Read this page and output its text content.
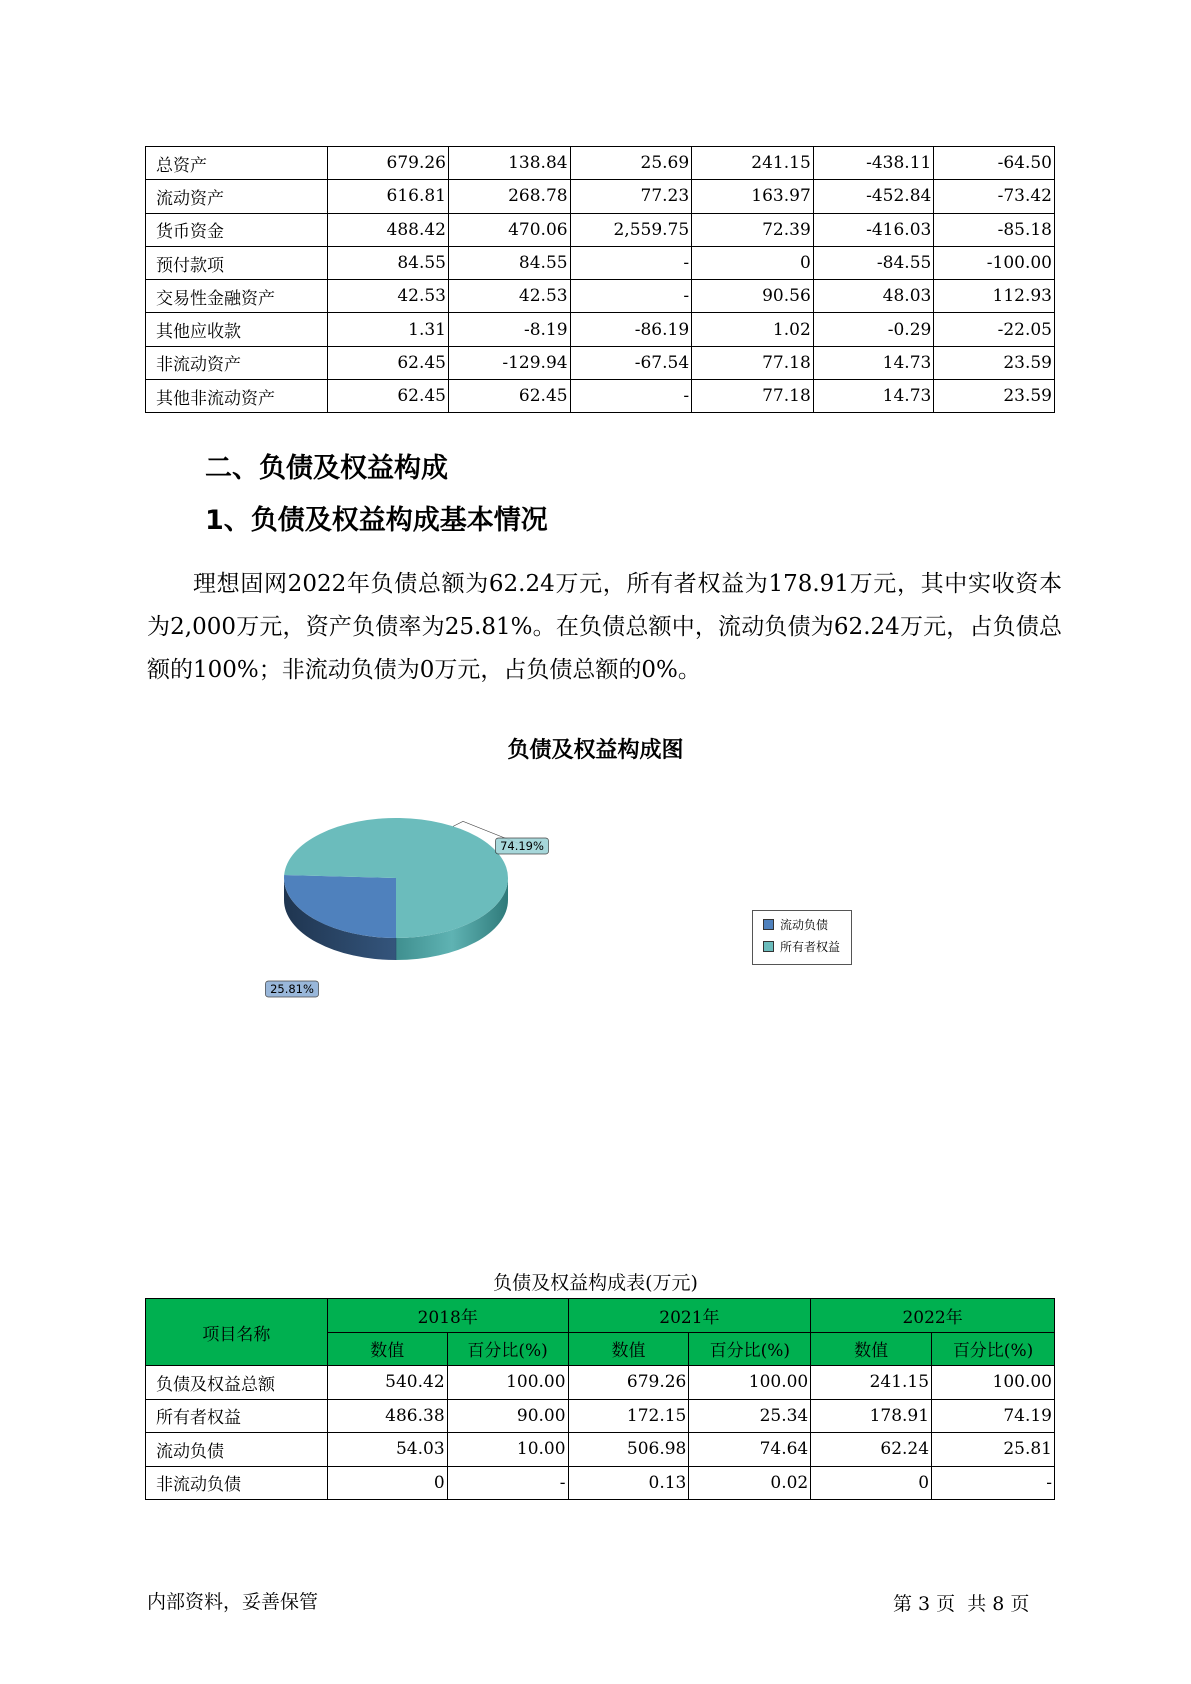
总资产	679.26	138.84	25.69	241.15	-438.11	-64.50
流动资产	616.81	268.78	77.23	163.97	-452.84	-73.42
货币资金	488.42	470.06	2,559.75	72.39	-416.03	-85.18
预付款项	84.55	84.55	-	0	-84.55	-100.00
交易性金融资产	42.53	42.53	-	90.56	48.03	112.93
其他应收款	1.31	-8.19	-86.19	1.02	-0.29	-22.05
非流动资产	62.45	-129.94	-67.54	77.18	14.73	23.59
其他非流动资产	62.45	62.45	-	77.18	14.73	23.59
二、负债及权益构成
1、负债及权益构成基本情况

理想固网2022年负债总额为62.24万元，所有者权益为178.91万元，其中实收资本为2,000万元，资产负债率为25.81%。在负债总额中，流动负债为62.24万元，占负债总额的100%；非流动负债为0万元，占负债总额的0%。

负债及权益构成图
74.19%
25.81%
流动负债
所有者权益
负债及权益构成表(万元)
项目名称	2018年		2021年		2022年	
	数值	百分比(%)	数值	百分比(%)	数值	百分比(%)
负债及权益总额	540.42	100.00	679.26	100.00	241.15	100.00
所有者权益	486.38	90.00	172.15	25.34	178.91	74.19
流动负债	54.03	10.00	506.98	74.64	62.24	25.81
非流动负债	0	-	0.13	0.02	0	-
内部资料，妥善保管	第 3 页  共 8 页
